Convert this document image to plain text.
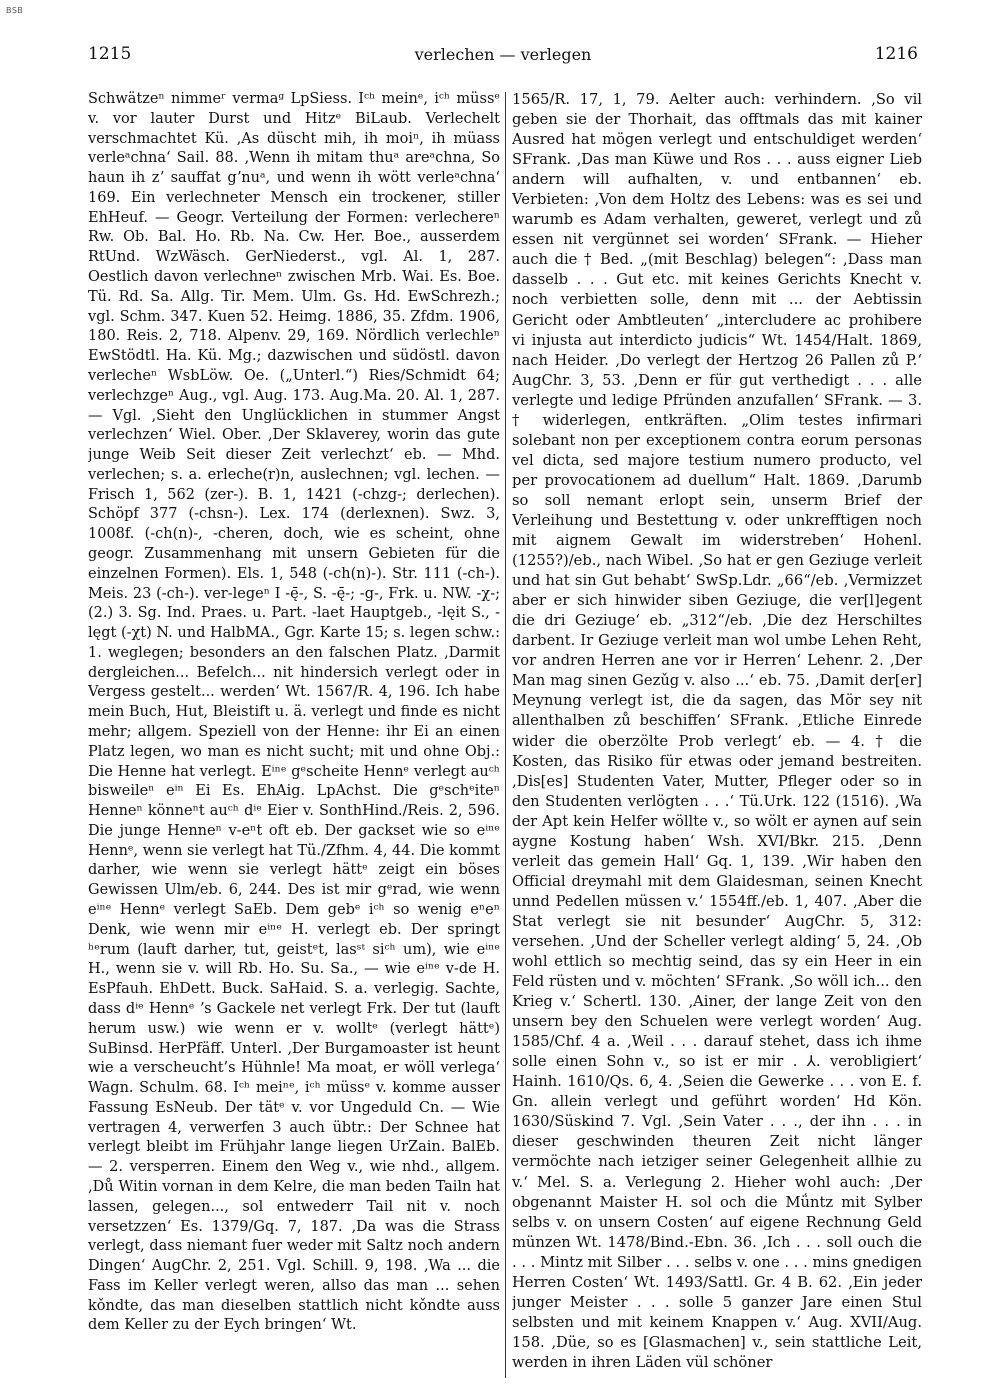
BSB
1215	verlechen — verlegen	1216

Schwätzeⁿ nimmeʳ vermaᵍ LpSiess. Iᶜʰ meinᵉ, iᶜʰ müssᵉ v. vor lauter Durst und Hitzᵉ BiLaub. Verlechelt verschmachtet Kü. ‚As düscht mih, ih moiⁿ, ih müass verleᵃchnaʻ Sail. 88. ‚Wenn ih mitam thuᵃ areᵃchna, So haun ih zʼ sauffat gʼnuᵃ, und wenn ih wött verleᵃchnaʻ 169. Ein verlechneter Mensch ein trockener, stiller EhHeuf. — Geogr. Verteilung der Formen: verlechereⁿ Rw. Ob. Bal. Ho. Rb. Na. Cw. Her. Boe., ausserdem RtUnd. WzWäsch. GerNiederst., vgl. Al. 1, 287. Oestlich davon verlechneⁿ zwischen Mrb. Wai. Es. Boe. Tü. Rd. Sa. Allg. Tir. Mem. Ulm. Gs. Hd. EwSchrezh.; vgl. Schm. 347. Kuen 52. Heimg. 1886, 35. Zfdm. 1906, 180. Reis. 2, 718. Alpenv. 29, 169. Nördlich verlechleⁿ EwStödtl. Ha. Kü. Mg.; dazwischen und südöstl. davon verlecheⁿ WsbLöw. Oe. („Unterl.“) Ries/Schmidt 64; verlechzgeⁿ Aug., vgl. Aug. 173. Aug.Ma. 20. Al. 1, 287. — Vgl. ‚Sieht den Unglücklichen in stummer Angst verlechzenʻ Wiel. Ober. ‚Der Sklaverey, worin das gute junge Weib Seit dieser Zeit verlechztʻ eb. — Mhd. verlechen; s. a. erleche(r)n, auslechnen; vgl. lechen. — Frisch 1, 562 (zer-). B. 1, 1421 (-chzg-; derlechen). Schöpf 377 (-chsn-). Lex. 174 (derlexnen). Swz. 3, 1008f. (-ch(n)-, -cheren, doch, wie es scheint, ohne geogr. Zusammenhang mit unsern Gebieten für die einzelnen Formen). Els. 1, 548 (-ch(n)-). Str. 111 (-ch-). Meis. 23 (-ch-). ver-legeⁿ I -ę̄-, S. -ę̄-; -g-, Frk. u. NW. -χ-; (2.) 3. Sg. Ind. Praes. u. Part. -laet Hauptgeb., -lęit S., -lęgt (-χt) N. und HalbMA., Ggr. Karte 15; s. legen schw.: 1. weglegen; besonders an den falschen Platz. ‚Darmit dergleichen... Befelch... nit hindersich verlegt oder in Vergess gestelt... werdenʻ Wt. 1567/R. 4, 196. Ich habe mein Buch, Hut, Bleistift u. ä. verlegt und finde es nicht mehr; allgem. Speziell von der Henne: ihr Ei an einen Platz legen, wo man es nicht sucht; mit und ohne Obj.: Die Henne hat verlegt. Eⁱⁿᵉ gᵉscheite Hennᵉ verlegt auᶜʰ bisweileⁿ eⁱⁿ Ei Es. EhAig. LpAchst. Die gᵉschᵉiteⁿ Henneⁿ könneⁿt auᶜʰ dⁱᵉ Eier v. SonthHind./Reis. 2, 596. Die junge Henneⁿ v-eⁿt oft eb. Der gackset wie so eⁱⁿᵉ Hennᵉ, wenn sie verlegt hat Tü./Zfhm. 4, 44. Die kommt darher, wie wenn sie verlegt hättᵉ zeigt ein böses Gewissen Ulm/eb. 6, 244. Des ist mir gᵉrad, wie wenn eⁱⁿᵉ Hennᵉ verlegt SaEb. Dem gebᵉ iᶜʰ so wenig eⁿeⁿ Denk, wie wenn mir eⁱⁿᵉ H. verlegt eb. Der springt ʰᵉrum (lauft darher, tut, geistᵉt, lasˢᵗ siᶜʰ um), wie eⁱⁿᵉ H., wenn sie v. will Rb. Ho. Su. Sa., — wie eⁱⁿᵉ v-de H. EsPfauh. EhDett. Buck. SaHaid. S. a. verlegig. Sachte, dass dⁱᵉ Hennᵉ ʼs Gackele net verlegt Frk. Der tut (lauft herum usw.) wie wenn er v. wolltᵉ (verlegt hättᵉ) SuBinsd. HerPfäff. Unterl. ‚Der Burgamoaster ist heunt wie a verscheucht’s Hühnle! Ma moat, er wöll verlegaʻ Wagn. Schulm. 68. Iᶜʰ meiⁿᵉ, iᶜʰ müssᵉ v. komme ausser Fassung EsNeub. Der tätᵉ v. vor Ungeduld Cn. — Wie vertragen 4, verwerfen 3 auch übtr.: Der Schnee hat verlegt bleibt im Frühjahr lange liegen UrZain. BalEb. — 2. versperren. Einem den Weg v., wie nhd., allgem. ‚Dů Witin vornan in dem Kelre, die man beden Tailn hat lassen, gelegen..., sol entwederr Tail nit v. noch versetzzenʻ Es. 1379/Gq. 7, 187. ‚Da was die Strass verlegt, dass niemant fuer weder mit Saltz noch andern Dingenʻ AugChr. 2, 251. Vgl. Schill. 9, 198. ‚Wa ... die Fass im Keller verlegt weren, allso das man ... sehen kǒndte, das man dieselben stattlich nicht kǒndte auss dem Keller zu der Eych bringenʻ Wt.

1565/R. 17, 1, 79. Aelter auch: verhindern. ‚So vil geben sie der Thorhait, das offtmals das mit kainer Ausred hat mögen verlegt und entschuldiget werdenʻ SFrank. ‚Das man Küwe und Ros . . . auss eigner Lieb andern will aufhalten, v. und entbannenʻ eb. Verbieten: ‚Von dem Holtz des Lebens: was es sei und warumb es Adam verhalten, geweret, verlegt und zů essen nit vergünnet sei wordenʻ SFrank. — Hieher auch die † Bed. „(mit Beschlag) belegen“: ‚Dass man dasselb . . . Gut etc. mit keines Gerichts Knecht v. noch verbietten solle, denn mit ... der Aebtissin Gericht oder Ambtleutenʻ „intercludere ac prohibere vi injusta aut interdicto judicis“ Wt. 1454/Halt. 1869, nach Heider. ‚Do verlegt der Hertzog 26 Pallen zů P.ʻ AugChr. 3, 53. ‚Denn er für gut verthedigt . . . alle verlegte und ledige Pfründen anzufallenʻ SFrank. — 3. † widerlegen, entkräften. „Olim testes infirmari solebant non per exceptionem contra eorum personas vel dicta, sed majore testium numero producto, vel per provocationem ad duellum“ Halt. 1869. ‚Darumb so soll nemant erlopt sein, unserm Brief der Verleihung und Bestettung v. oder unkrefftigen noch mit aignem Gewalt im widerstrebenʻ Hohenl. (1255?)/eb., nach Wibel. ‚So hat er gen Geziuge verleit und hat sin Gut behabtʻ SwSp.Ldr. „66“/eb. ‚Vermizzet aber er sich hinwider siben Geziuge, die ver[l]egent die dri Geziugeʻ eb. „312“/eb. ‚Die dez Herschiltes darbent. Ir Geziuge verleit man wol umbe Lehen Reht, vor andren Herren ane vor ir Herrenʻ Lehenr. 2. ‚Der Man mag sinen Gezǔg v. also ...ʻ eb. 75. ‚Damit der[er] Meynung verlegt ist, die da sagen, das Mör sey nit allenthalben zů beschiffenʻ SFrank. ‚Etliche Einrede wider die oberzölte Prob verlegtʻ eb. — 4. † die Kosten, das Risiko für etwas oder jemand bestreiten. ‚Dis[es] Studenten Vater, Mutter, Pfleger oder so in den Studenten verlögten . . .ʻ Tü.Urk. 122 (1516). ‚Wa der Apt kein Helfer wöllte v., so wölt er aynen auf sein aygne Kostung habenʻ Wsh. XVI/Bkr. 215. ‚Denn verleit das gemein Hallʻ Gq. 1, 139. ‚Wir haben den Official dreymahl mit dem Glaidesman, seinen Knecht unnd Pedellen müssen v.ʻ 1554ff./eb. 1, 407. ‚Aber die Stat verlegt sie nit besunderʻ AugChr. 5, 312: versehen. ‚Und der Scheller verlegt aldingʻ 5, 24. ‚Ob wohl ettlich so mechtig seind, das sy ein Heer in ein Feld rüsten und v. möchtenʻ SFrank. ‚So wöll ich... den Krieg v.ʻ Schertl. 130. ‚Ainer, der lange Zeit von den unsern bey den Schuelen were verlegt wordenʻ Aug. 1585/Chf. 4 a. ‚Weil . . . darauf stehet, dass ich ihme solle einen Sohn v., so ist er mir . ⅄. verobligiertʻ Hainh. 1610/Qs. 6, 4. ‚Seien die Gewerke . . . von E. f. Gn. allein verlegt und geführt wordenʻ Hd Kön. 1630/Süskind 7. Vgl. ‚Sein Vater . . ., der ihn . . . in dieser geschwinden theuren Zeit nicht länger vermöchte nach ietziger seiner Gelegenheit allhie zu v.ʻ Mel. S. a. Verlegung 2. Hieher wohl auch: ‚Der obgenannt Maister H. sol och die Mǘntz mit Sylber selbs v. on unsern Costenʻ auf eigene Rechnung Geld münzen Wt. 1478/Bind.-Ebn. 36. ‚Ich . . . soll ouch die . . . Mintz mit Silber . . . selbs v. one . . . mins gnedigen Herren Costenʻ Wt. 1493/Sattl. Gr. 4 B. 62. ‚Ein jeder junger Meister . . . solle 5 ganzer Jare einen Stul selbsten und mit keinem Knappen v.ʻ Aug. XVII/Aug. 158. ‚Düe, so es [Glasmachen] v., sein stattliche Leit, werden in ihren Läden vül schöner
